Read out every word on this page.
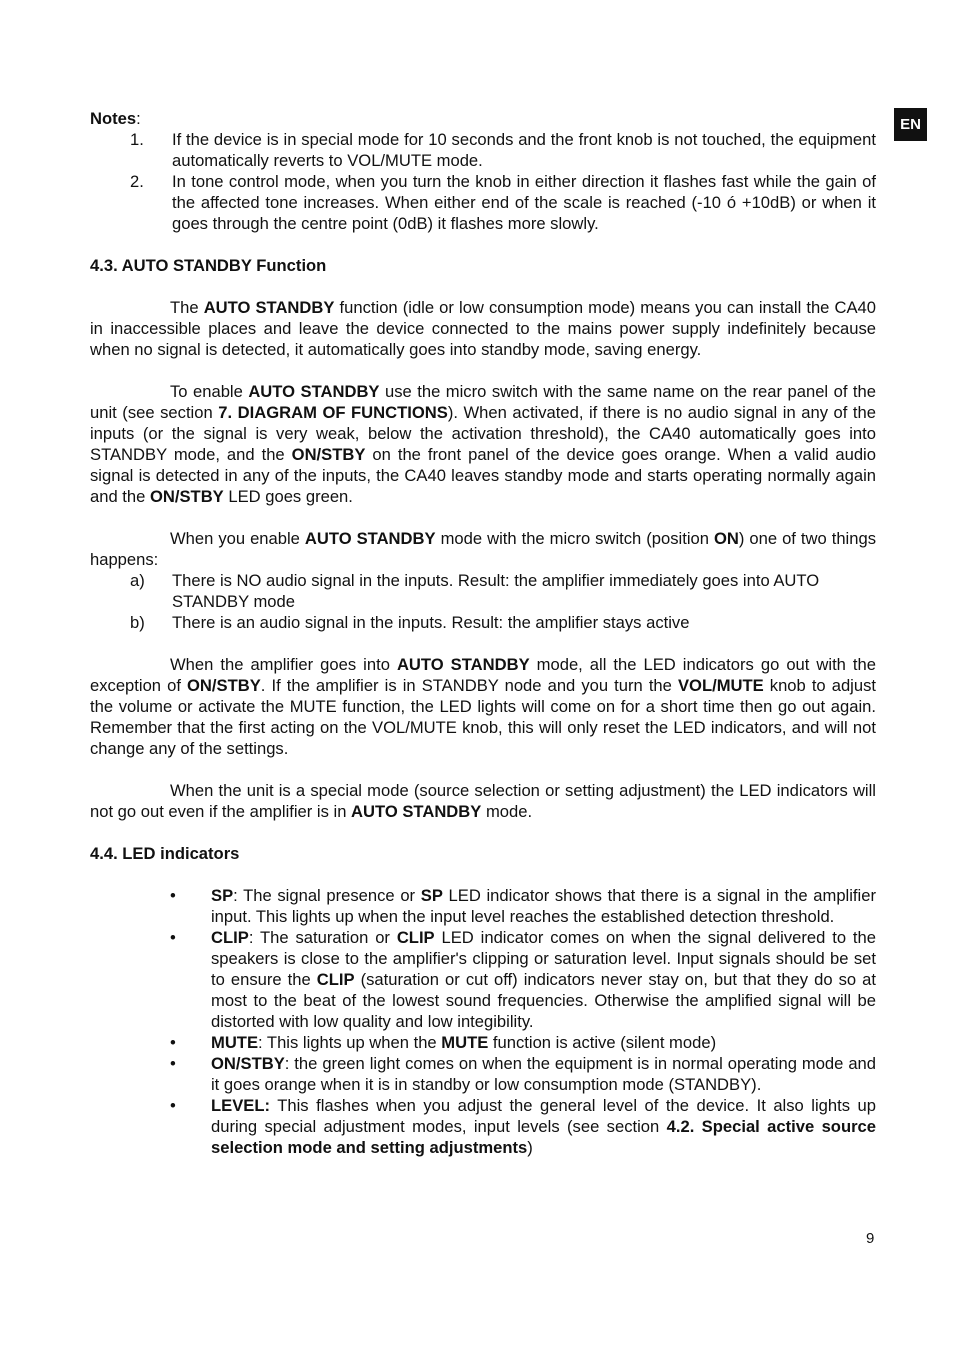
EN

Notes:

1. If the device is in special mode for 10 seconds and the front knob is not touched, the equipment automatically reverts to VOL/MUTE mode.
2. In tone control mode, when you turn the knob in either direction it flashes fast while the gain of the affected tone increases. When either end of the scale is reached (-10 ó +10dB) or when it goes through the centre point (0dB) it flashes more slowly.
4.3. AUTO STANDBY Function

The AUTO STANDBY function (idle or low consumption mode) means you can install the CA40 in inaccessible places and leave the device connected to the mains power supply indefinitely because when no signal is detected, it automatically goes into standby mode, saving energy.

To enable AUTO STANDBY use the micro switch with the same name on the rear panel of the unit (see section 7. DIAGRAM OF FUNCTIONS). When activated, if there is no audio signal in any of the inputs (or the signal is very weak, below the activation threshold), the CA40 automatically goes into STANDBY mode, and the ON/STBY on the front panel of the device goes orange. When a valid audio signal is detected in any of the inputs, the CA40 leaves standby mode and starts operating normally again and the ON/STBY LED goes green.

When you enable AUTO STANDBY mode with the micro switch (position ON) one of two things happens:

a) There is NO audio signal in the inputs. Result: the amplifier immediately goes into AUTO STANDBY mode
b) There is an audio signal in the inputs. Result: the amplifier stays active

When the amplifier goes into AUTO STANDBY mode, all the LED indicators go out with the exception of ON/STBY. If the amplifier is in STANDBY node and you turn the VOL/MUTE knob to adjust the volume or activate the MUTE function, the LED lights will come on for a short time then go out again. Remember that the first acting on the VOL/MUTE knob, this will only reset the LED indicators, and will not change any of the settings.

When the unit is a special mode (source selection or setting adjustment) the LED indicators will not go out even if the amplifier is in AUTO STANDBY mode.

4.4. LED indicators
• SP: The signal presence or SP LED indicator shows that there is a signal in the amplifier input. This lights up when the input level reaches the established detection threshold.
• CLIP: The saturation or CLIP LED indicator comes on when the signal delivered to the speakers is close to the amplifier's clipping or saturation level. Input signals should be set to ensure the CLIP (saturation or cut off) indicators never stay on, but that they do so at most to the beat of the lowest sound frequencies. Otherwise the amplified signal will be distorted with low quality and low integibility.
• MUTE: This lights up when the MUTE function is active (silent mode)
• ON/STBY: the green light comes on when the equipment is in normal operating mode and it goes orange when it is in standby or low consumption mode (STANDBY).
• LEVEL: This flashes when you adjust the general level of the device. It also lights up during special adjustment modes, input levels (see section 4.2. Special active source selection mode and setting adjustments)
9
